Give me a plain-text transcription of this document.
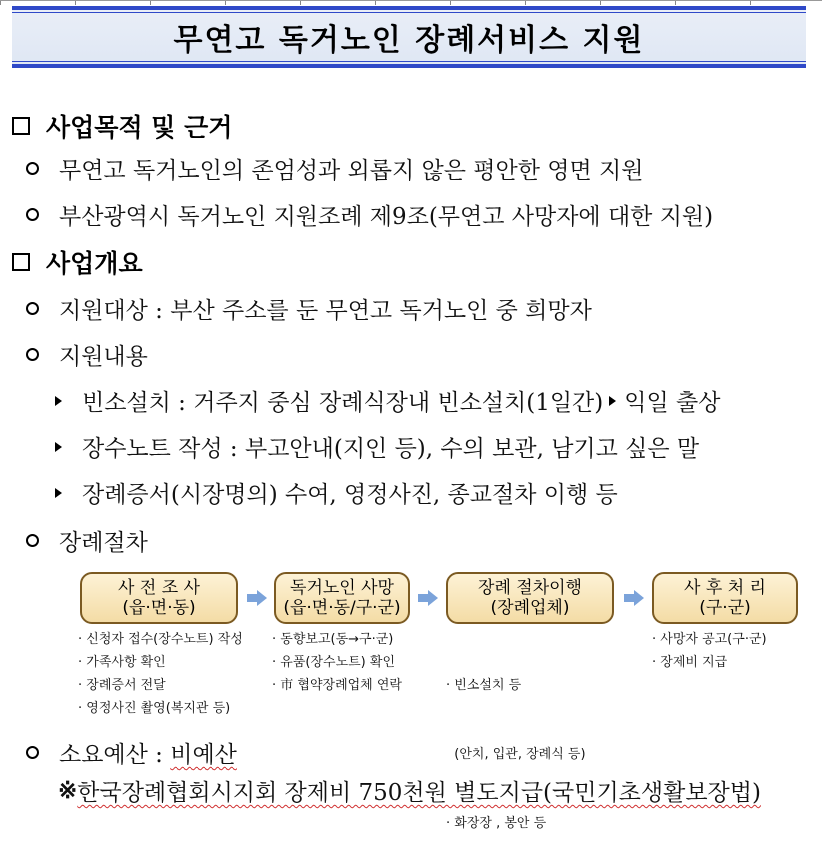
무연고 독거노인 장례서비스 지원
사업목적 및 근거
무연고 독거노인의 존엄성과 외롭지 않은 평안한 영면 지원
부산광역시 독거노인 지원조례 제9조(무연고 사망자에 대한 지원)
사업개요
지원대상 : 부산 주소를 둔 무연고 독거노인 중 희망자
지원내용
빈소설치 : 거주지 중심 장례식장내 빈소설치(1일간) 익일 출상
장수노트 작성 : 부고안내(지인 등), 수의 보관, 남기고 싶은 말
장례증서(시장명의) 수여, 영정사진, 종교절차 이행 등
장례절차
사 전 조 사
(읍·면·동)
독거노인 사망
(읍·면·동/구·군)
장례 절차이행
(장례업체)
사 후 처 리
(구·군)
· 신청자 접수(장수노트) 작성
· 가족사항 확인
· 장례증서 전달
· 영정사진 촬영(복지관 등)
· 동향보고(동→구·군)
· 유품(장수노트) 확인
· 市 협약장례업체 연락

	· 빈소설치 등

(안치, 입관, 장례식 등)

· 화장장 , 봉안 등

· 사망자 공고(구·군)
· 장제비 지급
소요예산 : 비예산
※ 한국장례협회시지회 장제비 750천원 별도지급(국민기초생활보장법)
